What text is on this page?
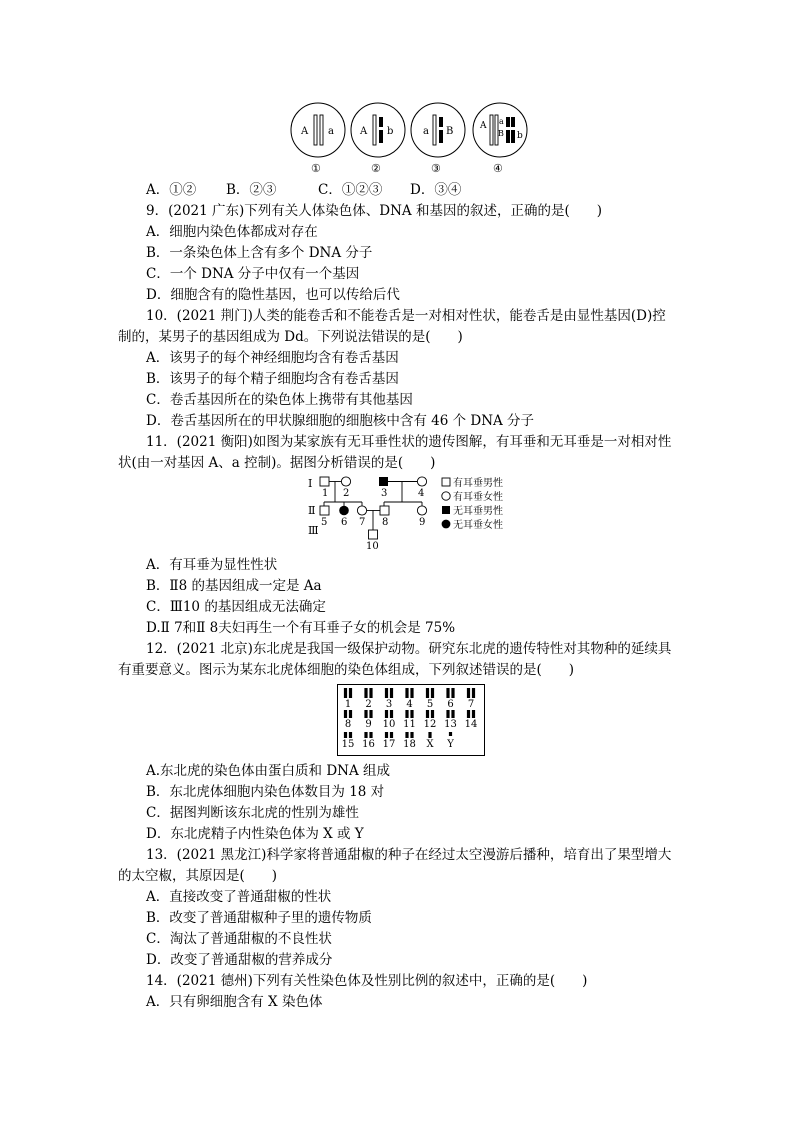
A a
①
A b
②
a B
③
A a
B b
④
A．①② B．②③	C．①②③ D．③④
9．(2021 广东)下列有关人体染色体、DNA 和基因的叙述，正确的是(　　)
A．细胞内染色体都成对存在
B．一条染色体上含有多个 DNA 分子
C．一个 DNA 分子中仅有一个基因
D．细胞含有的隐性基因，也可以传给后代
10．(2021 荆门)人类的能卷舌和不能卷舌是一对相对性状，能卷舌是由显性基因(D)控
制的，某男子的基因组成为 Dd。下列说法错误的是(　　)
A．该男子的每个神经细胞均含有卷舌基因
B．该男子的每个精子细胞均含有卷舌基因
C．卷舌基因所在的染色体上携带有其他基因
D．卷舌基因所在的甲状腺细胞的细胞核中含有 46 个 DNA 分子
11．(2021 衡阳)如图为某家族有无耳垂性状的遗传图解，有耳垂和无耳垂是一对相对性
状(由一对基因 A、a 控制)。据图分析错误的是(　　)
Ⅰ
Ⅱ
Ⅲ
1 2	3	4
5 6 7 8	9
10
有耳垂男性
有耳垂女性
无耳垂男性
无耳垂女性
A．有耳垂为显性性状
B．Ⅱ8 的基因组成一定是 Aa
C．Ⅲ10 的基因组成无法确定
D.Ⅱ 7和Ⅱ 8夫妇再生一个有耳垂子女的机会是 75%
12．(2021 北京)东北虎是我国一级保护动物。研究东北虎的遗传特性对其物种的延续具
有重要意义。图示为某东北虎体细胞的染色体组成，下列叙述错误的是(　　)
1 2 3 4 5 6 7
8 9 10 11 12 13 14
15 16 17 18 X Y
A.东北虎的染色体由蛋白质和 DNA 组成
B．东北虎体细胞内染色体数目为 18 对
C．据图判断该东北虎的性别为雄性
D．东北虎精子内性染色体为 X 或 Y
13．(2021 黑龙江)科学家将普通甜椒的种子在经过太空漫游后播种，培育出了果型增大
的太空椒，其原因是(　　)
A．直接改变了普通甜椒的性状
B．改变了普通甜椒种子里的遗传物质
C．淘汰了普通甜椒的不良性状
D．改变了普通甜椒的营养成分
14．(2021 德州)下列有关性染色体及性别比例的叙述中，正确的是(　　)
A．只有卵细胞含有 X 染色体
